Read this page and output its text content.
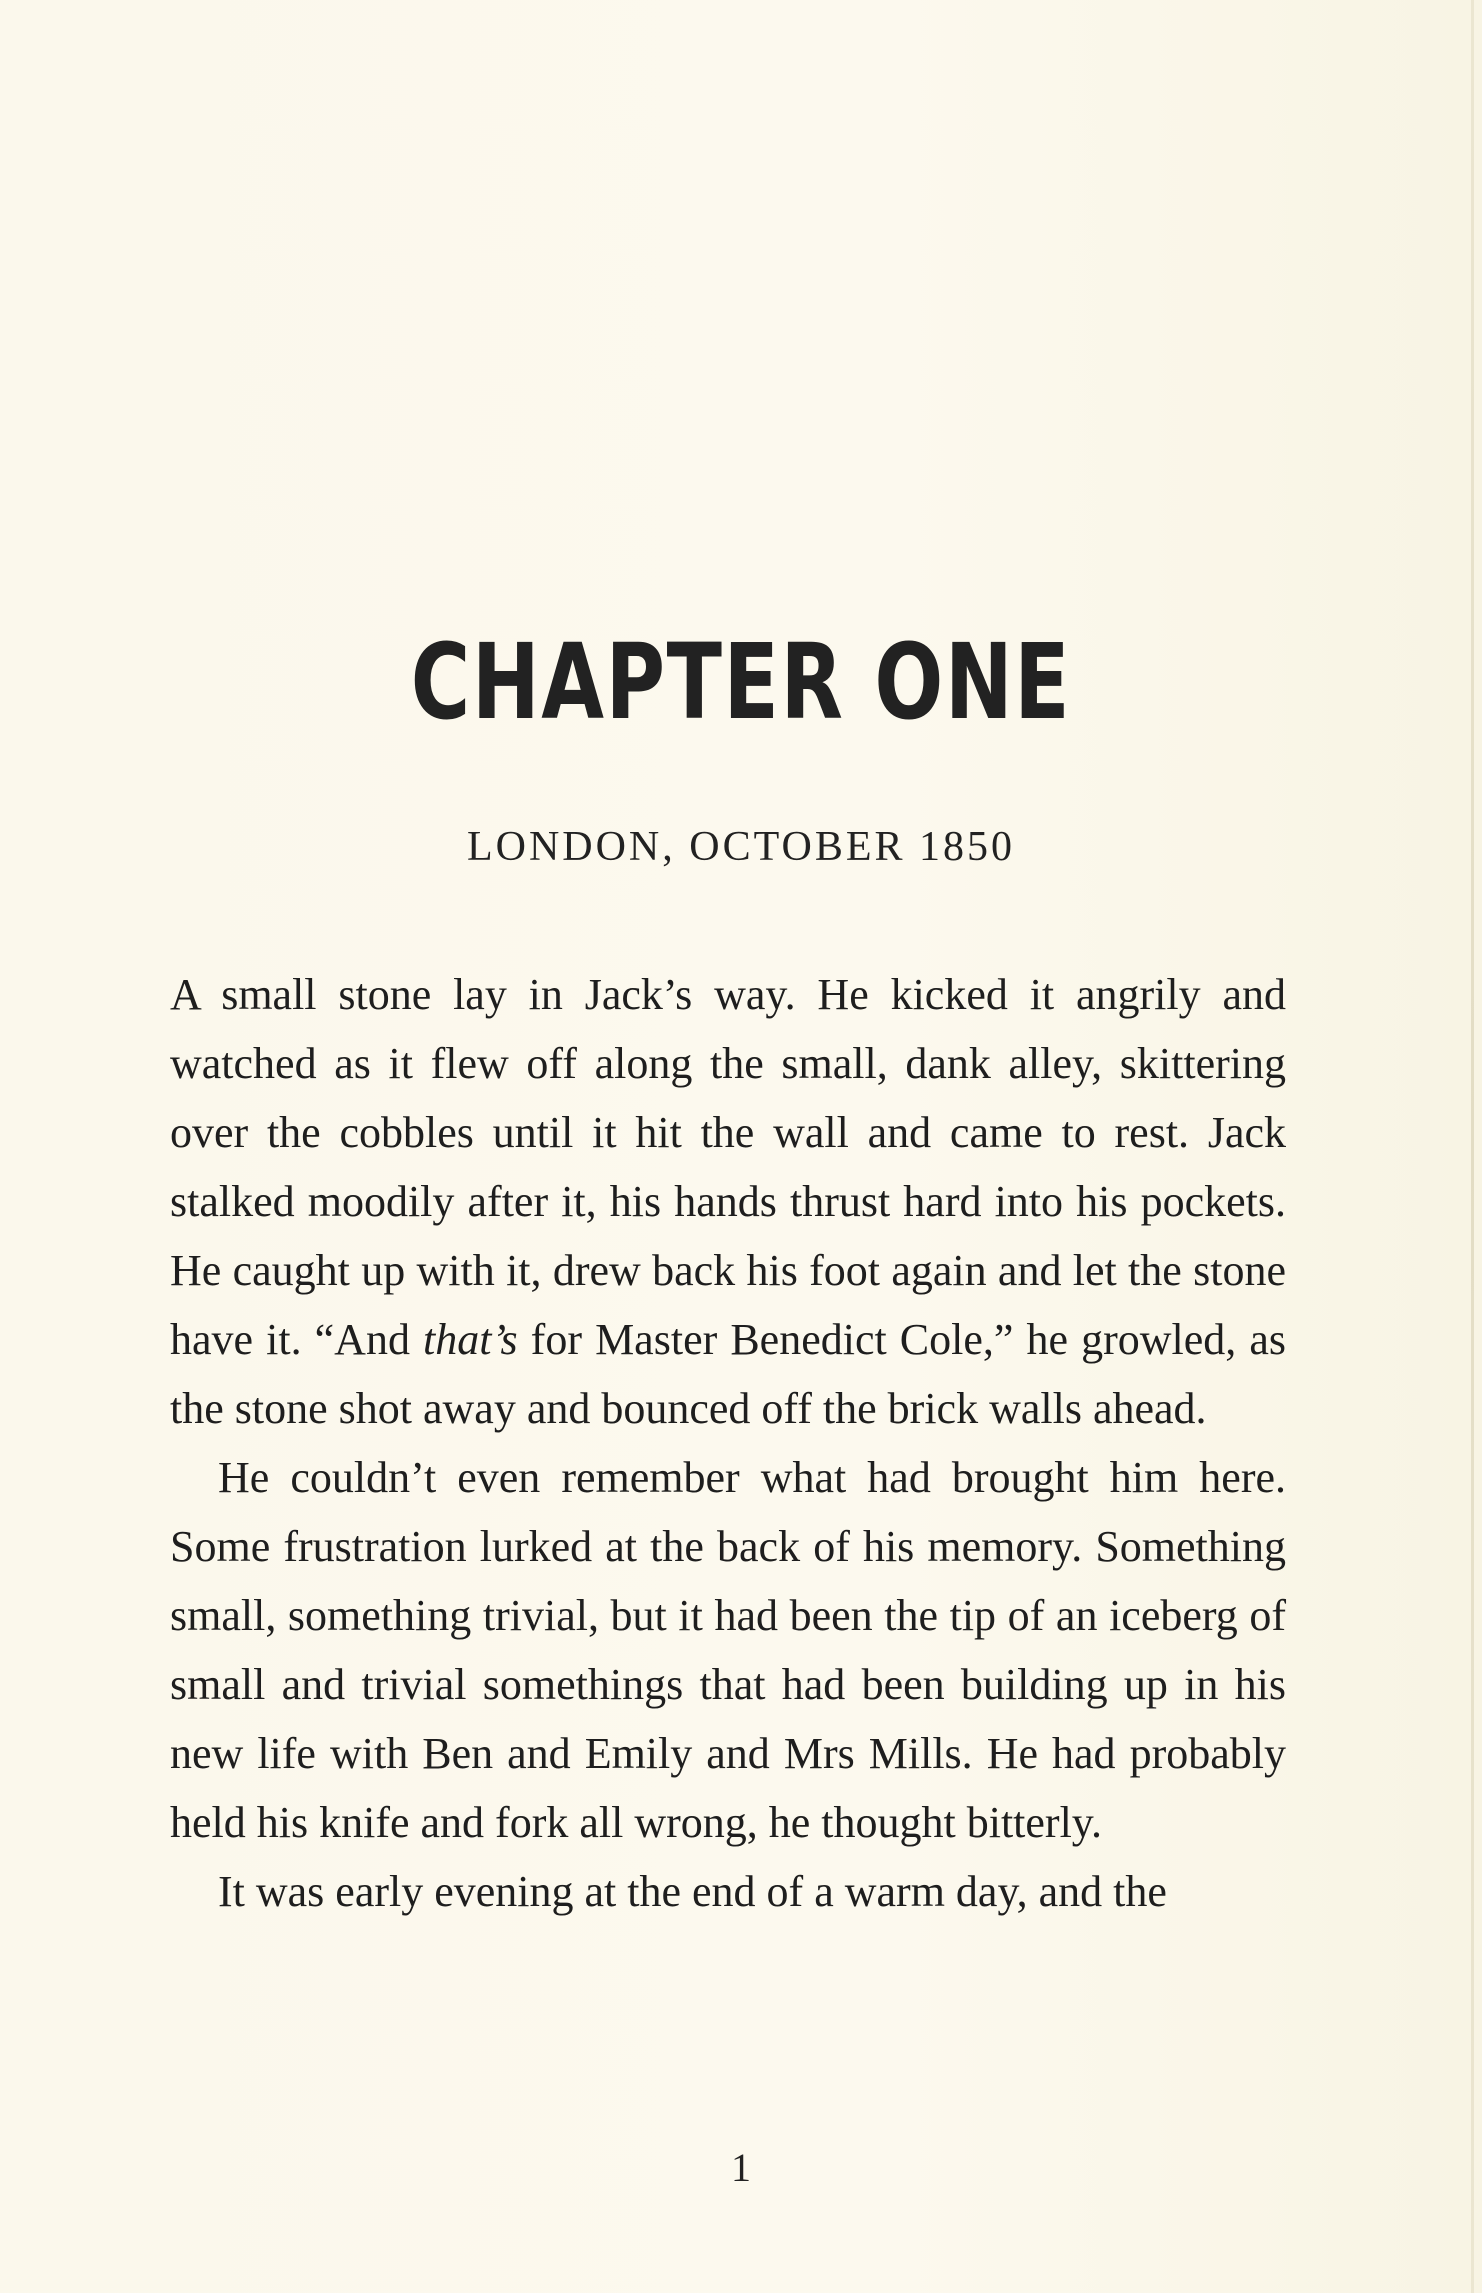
CHAPTER ONE
LONDON, OCTOBER 1850

A small stone lay in Jack’s way. He kicked it angrily and watched as it flew off along the small, dank alley, skittering over the cobbles until it hit the wall and came to rest. Jack stalked moodily after it, his hands thrust hard into his pockets. He caught up with it, drew back his foot again and let the stone have it. “And that’s for Master Benedict Cole,” he growled, as the stone shot away and bounced off the brick walls ahead.

He couldn’t even remember what had brought him here. Some frustration lurked at the back of his memory. Something small, something trivial, but it had been the tip of an iceberg of small and trivial somethings that had been building up in his new life with Ben and Emily and Mrs Mills. He had probably held his knife and fork all wrong, he thought bitterly.

It was early evening at the end of a warm day, and the

1
